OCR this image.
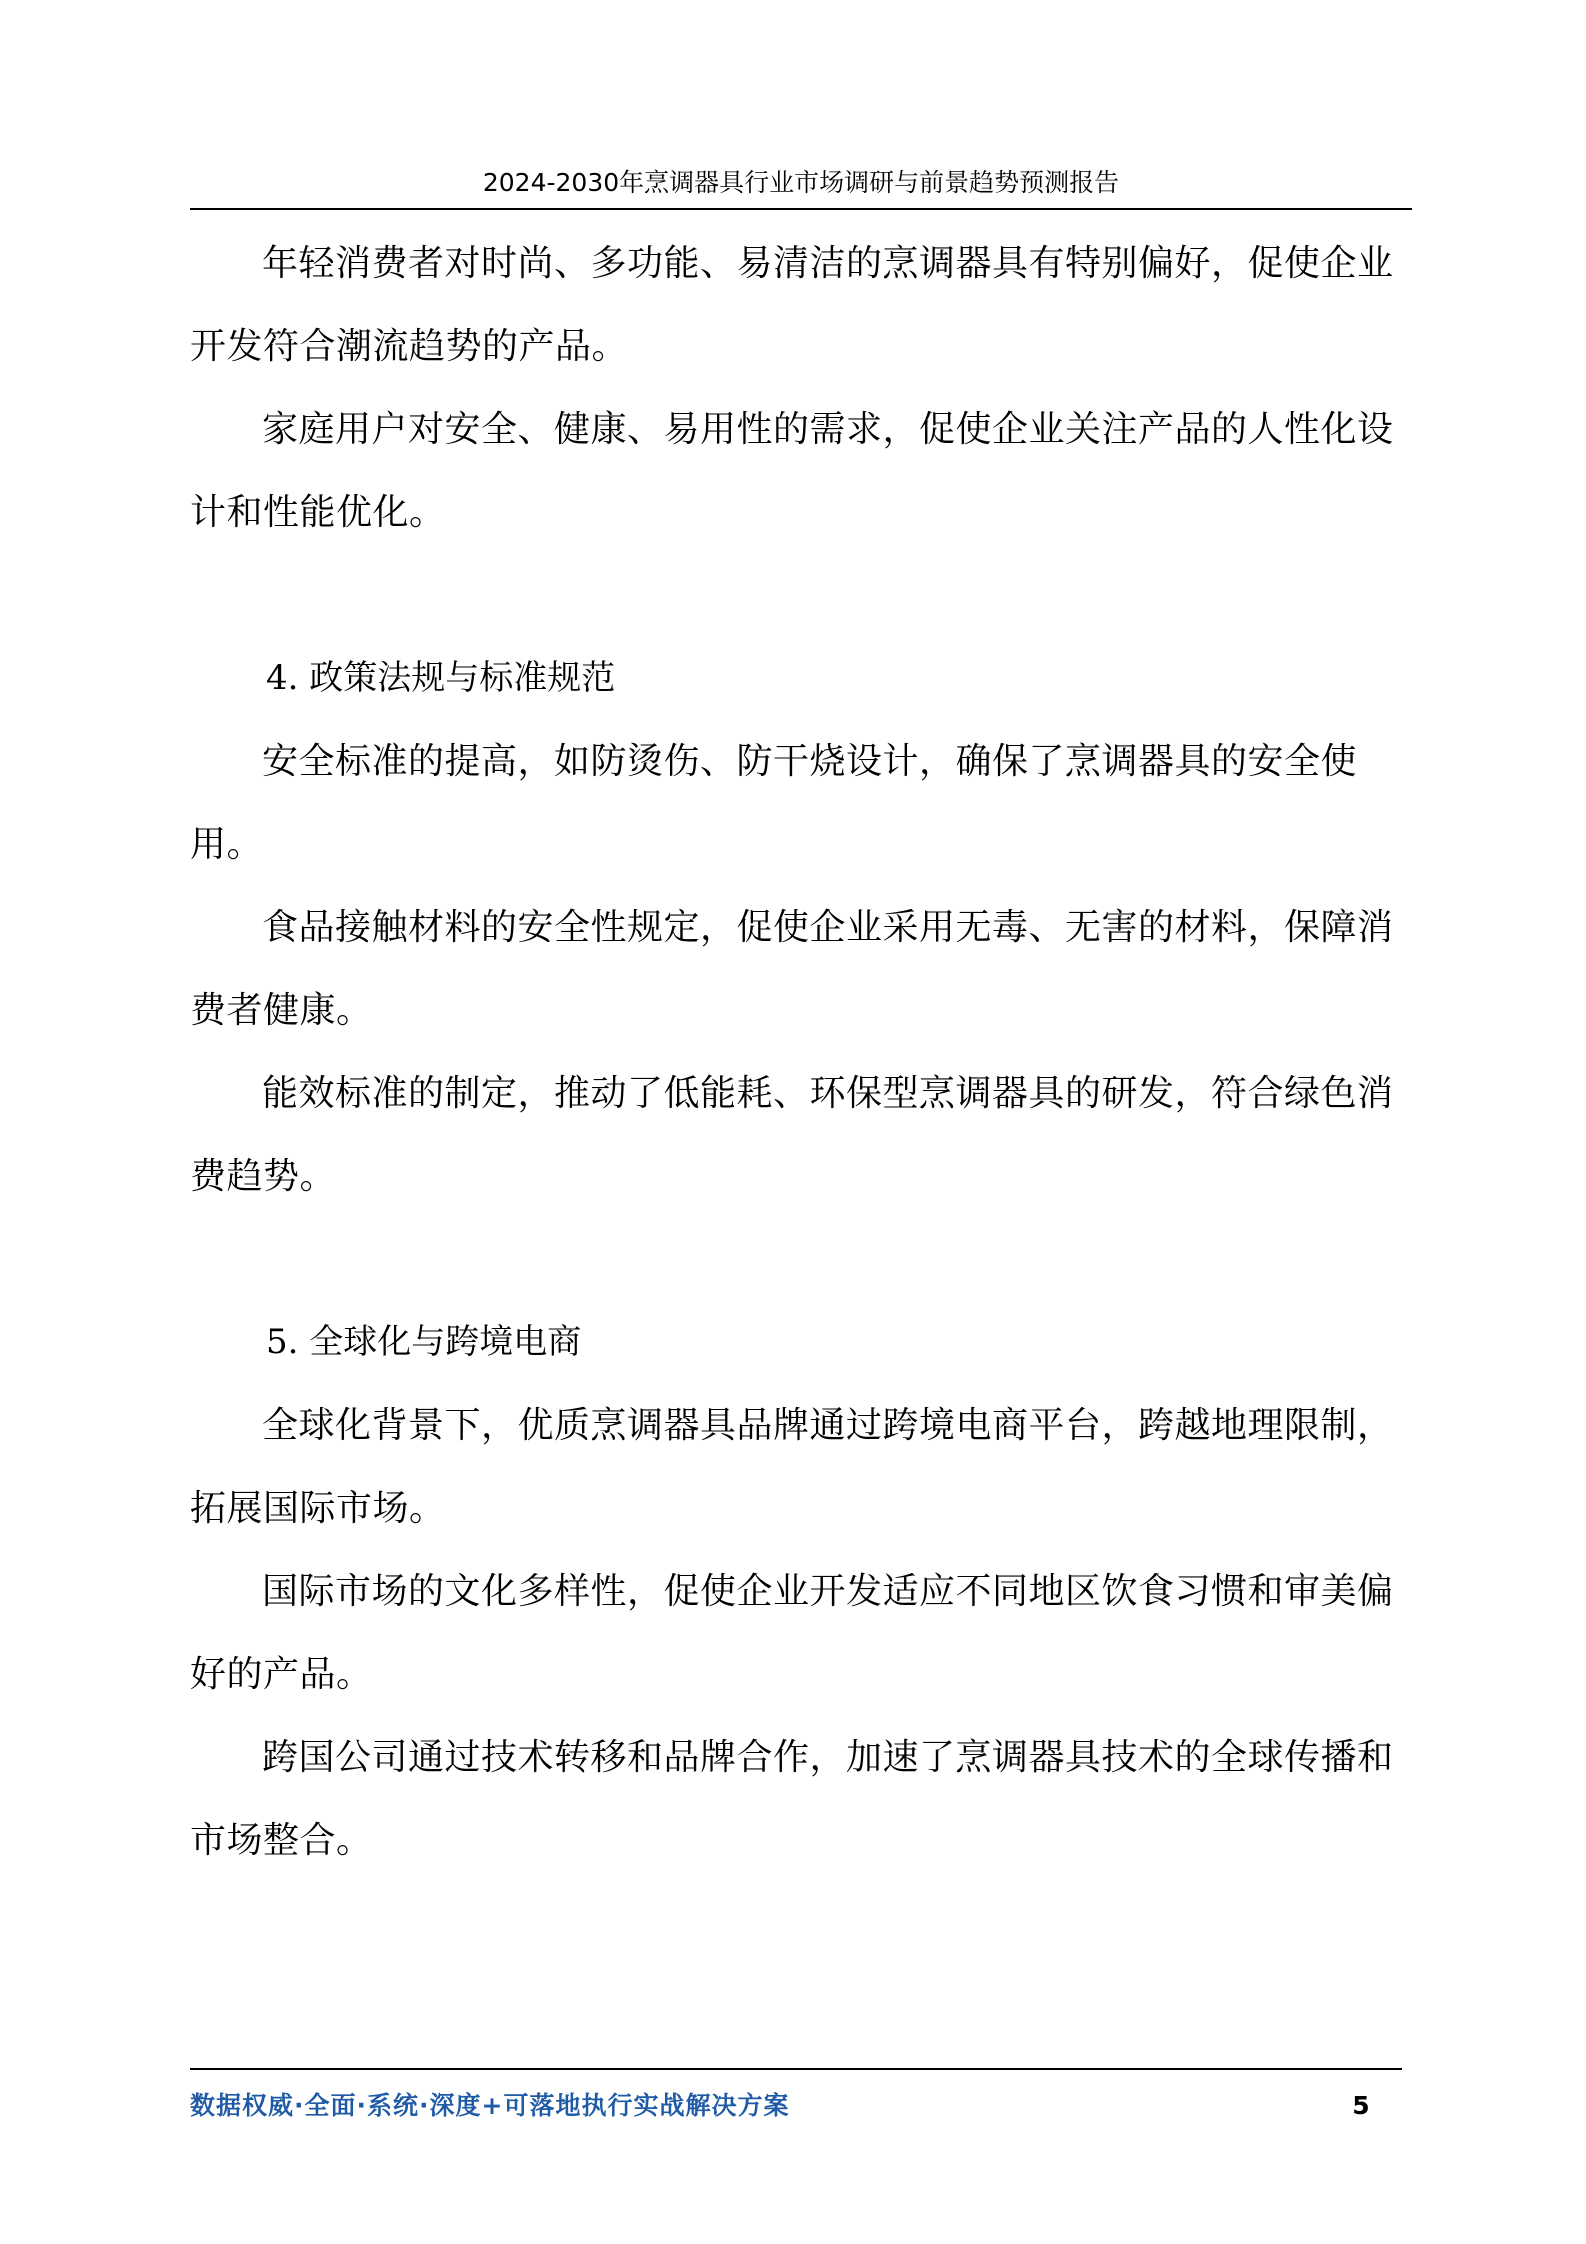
2024-2030年烹调器具行业市场调研与前景趋势预测报告

年轻消费者对时尚、多功能、易清洁的烹调器具有特别偏好，促使企业开发符合潮流趋势的产品。

家庭用户对安全、健康、易用性的需求，促使企业关注产品的人性化设计和性能优化。

4. 政策法规与标准规范

安全标准的提高，如防烫伤、防干烧设计，确保了烹调器具的安全使用。

食品接触材料的安全性规定，促使企业采用无毒、无害的材料，保障消费者健康。

能效标准的制定，推动了低能耗、环保型烹调器具的研发，符合绿色消费趋势。

5. 全球化与跨境电商

全球化背景下，优质烹调器具品牌通过跨境电商平台，跨越地理限制，拓展国际市场。

国际市场的文化多样性，促使企业开发适应不同地区饮食习惯和审美偏好的产品。

跨国公司通过技术转移和品牌合作，加速了烹调器具技术的全球传播和市场整合。

数据权威·全面·系统·深度+可落地执行实战解决方案	5
